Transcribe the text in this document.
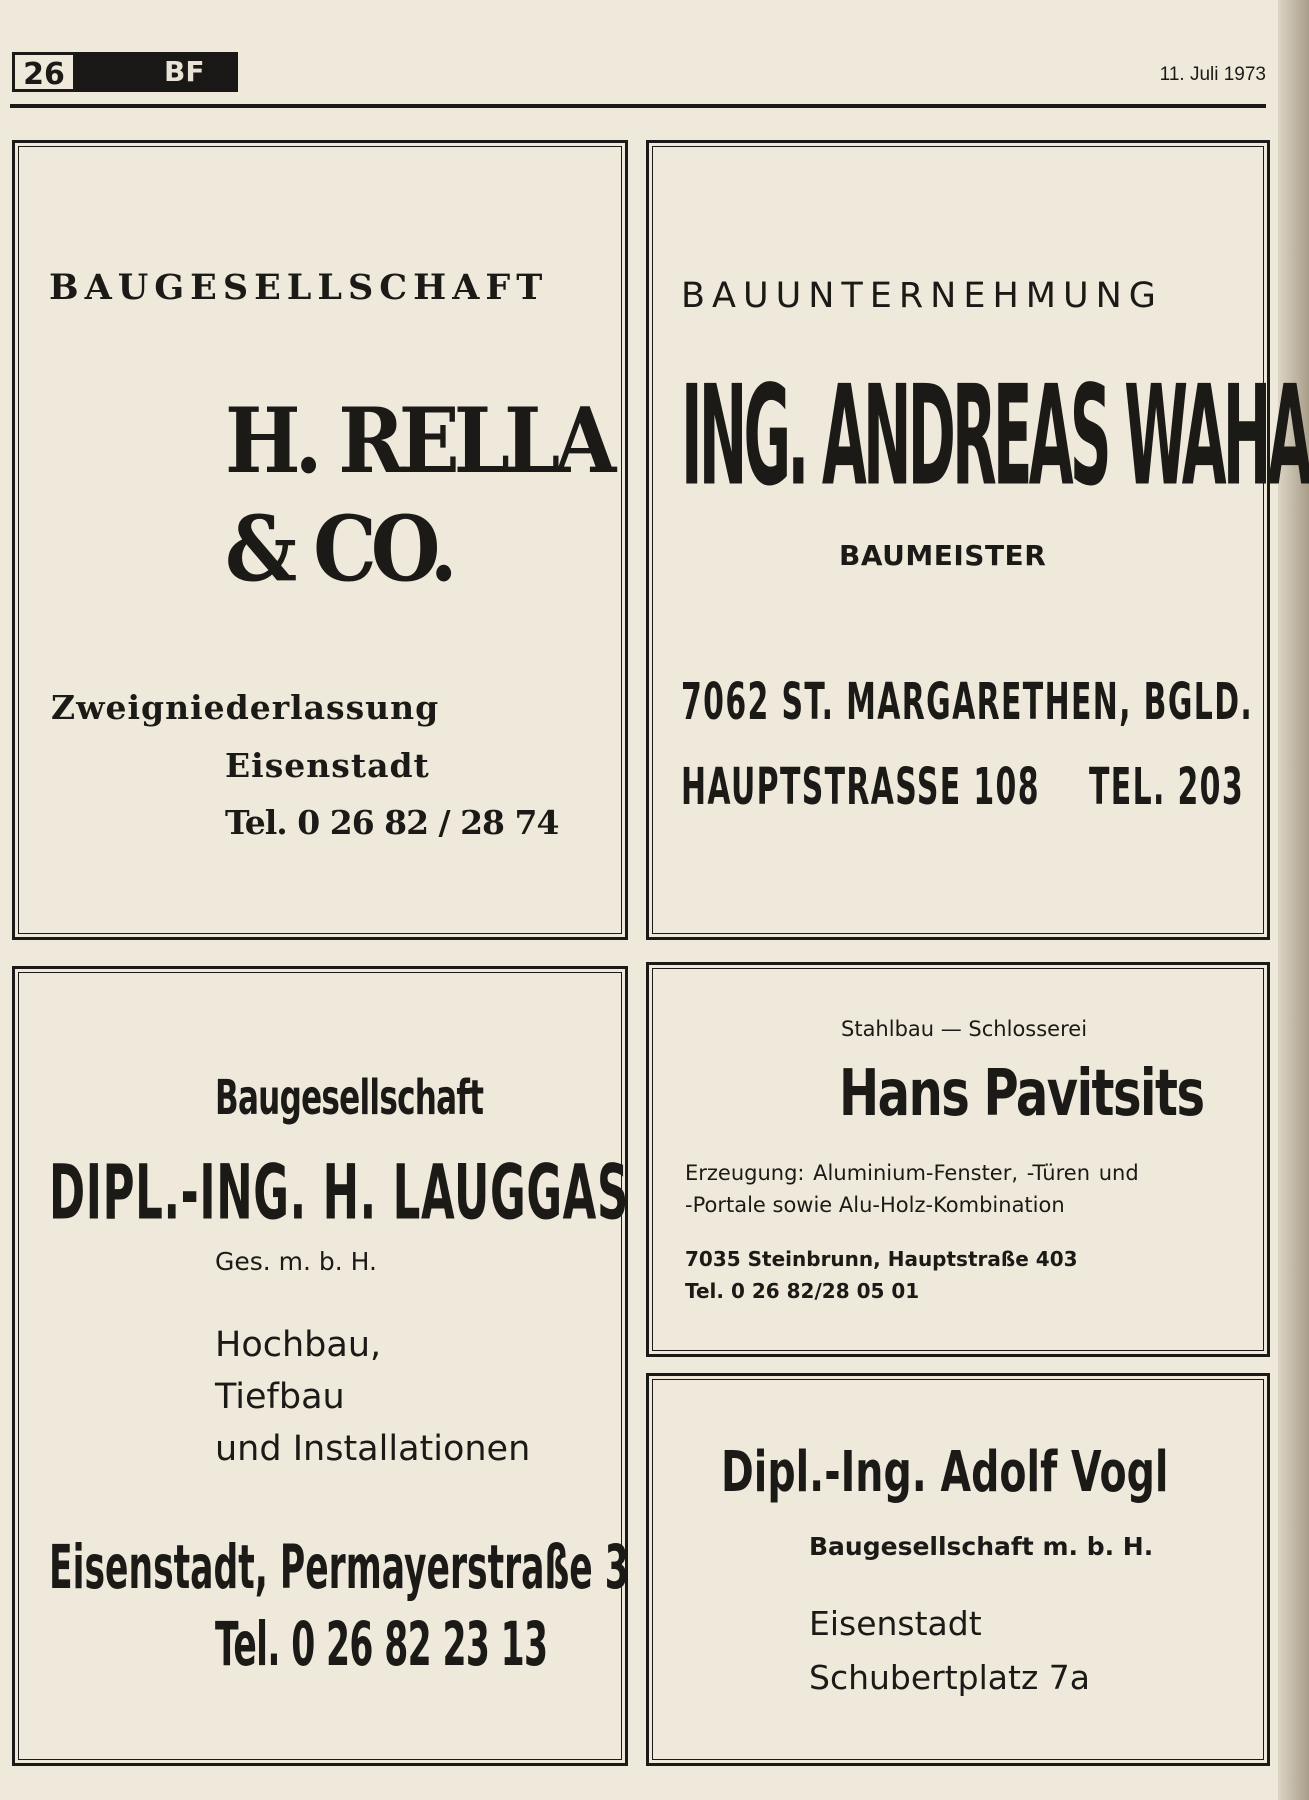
26	BF	11. Juli 1973
BAUGESELLSCHAFT
H. RELLA
& CO.
Zweigniederlassung
Eisenstadt
Tel. 0 26 82 / 28 74
BAUUNTERNEHMUNG
ING. ANDREAS WAHA
BAUMEISTER
7062 ST. MARGARETHEN, BGLD.
HAUPTSTRASSE 108 TEL. 203
Baugesellschaft
DIPL.-ING. H. LAUGGAS
Ges. m. b. H.
Hochbau,
Tiefbau
und Installationen
Eisenstadt, Permayerstraße 3
Tel. 0 26 82 23 13
Stahlbau — Schlosserei
Hans Pavitsits
Erzeugung: Aluminium-Fenster, -Türen und
-Portale sowie Alu-Holz-Kombination
7035 Steinbrunn, Hauptstraße 403
Tel. 0 26 82/28 05 01
Dipl.-Ing. Adolf Vogl
Baugesellschaft m. b. H.
Eisenstadt
Schubertplatz 7a
